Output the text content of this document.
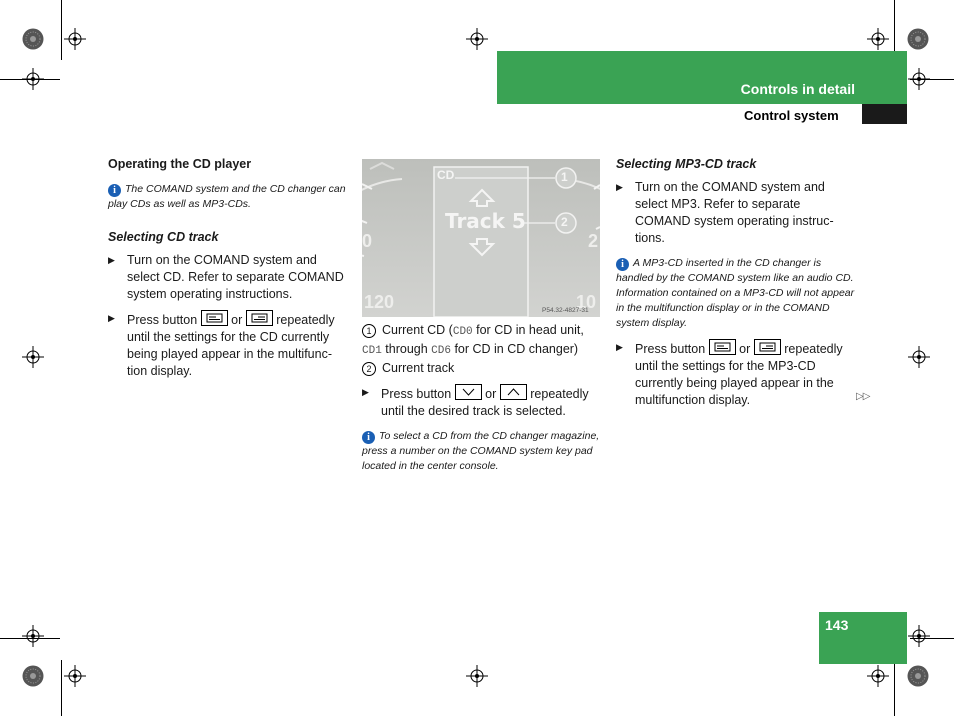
Controls in detail
Control system
Operating the CD player
i The COMAND system and the CD changer can play CDs as well as MP3-CDs.
Selecting CD track
▶ Turn on the COMAND system and select CD. Refer to separate COMAND system operating instructions.
▶ Press button	or	repeatedly until the settings for the CD currently being played appear in the multifunc-tion display.
CD
Track 5
1
2
0
120
2
10
P54.32-4827-31
1 Current CD (CD0 for CD in head unit,
CD1 through CD6 for CD in CD changer)
2 Current track
▶ Press button	or	repeatedly until the desired track is selected.
i To select a CD from the CD changer magazine, press a number on the COMAND system key pad located in the center console.
Selecting MP3-CD track
▶ Turn on the COMAND system and select MP3. Refer to separate COMAND system operating instruc-tions.
i A MP3-CD inserted in the CD changer is handled by the COMAND system like an audio CD. Information contained on a MP3-CD will not appear in the multifunction display or in the COMAND system display.
▶ Press button	or	repeatedly until the settings for the MP3-CD currently being played appear in the multifunction display.	▷▷
143
